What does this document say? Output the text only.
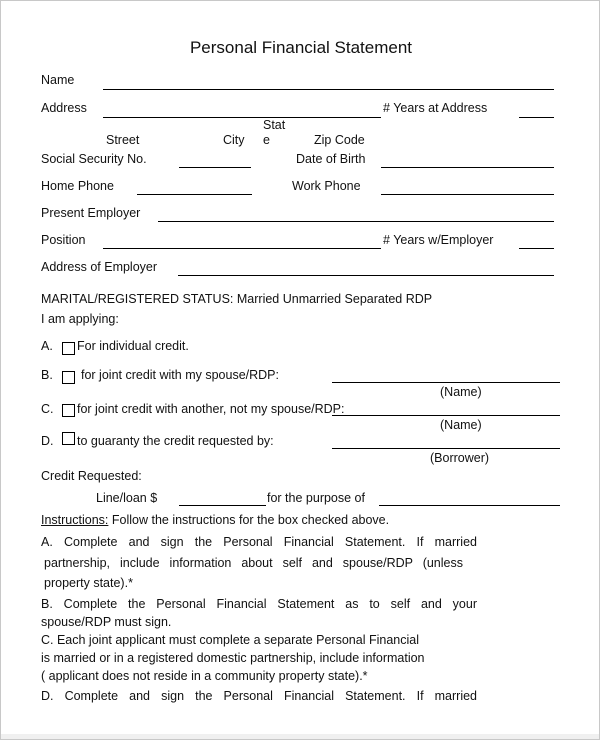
Personal Financial Statement
Name
Address	# Years at Address
Street	City
Stat
e	Zip Code
Social Security No.	Date of Birth
Home Phone	Work Phone
Present Employer
Position	# Years w/Employer
Address of Employer
MARITAL/REGISTERED STATUS: Married Unmarried Separated RDP
I am applying:
A. For individual credit.
B. for joint credit with my spouse/RDP:
(Name)
C. for joint credit with another, not my spouse/RDP:
(Name)
D. to guaranty the credit requested by:
(Borrower)
Credit Requested:
Line/loan $	for the purpose of
Instructions: Follow the instructions for the box checked above.
A. Complete and sign the Personal Financial Statement. If married
partnership, include information about self and spouse/RDP (unless
property state).*
B. Complete the Personal Financial Statement as to self and your
spouse/RDP must sign.
C. Each joint applicant must complete a separate Personal Financial
is married or in a registered domestic partnership, include information
( applicant does not reside in a community property state).*
D. Complete and sign the Personal Financial Statement. If married
